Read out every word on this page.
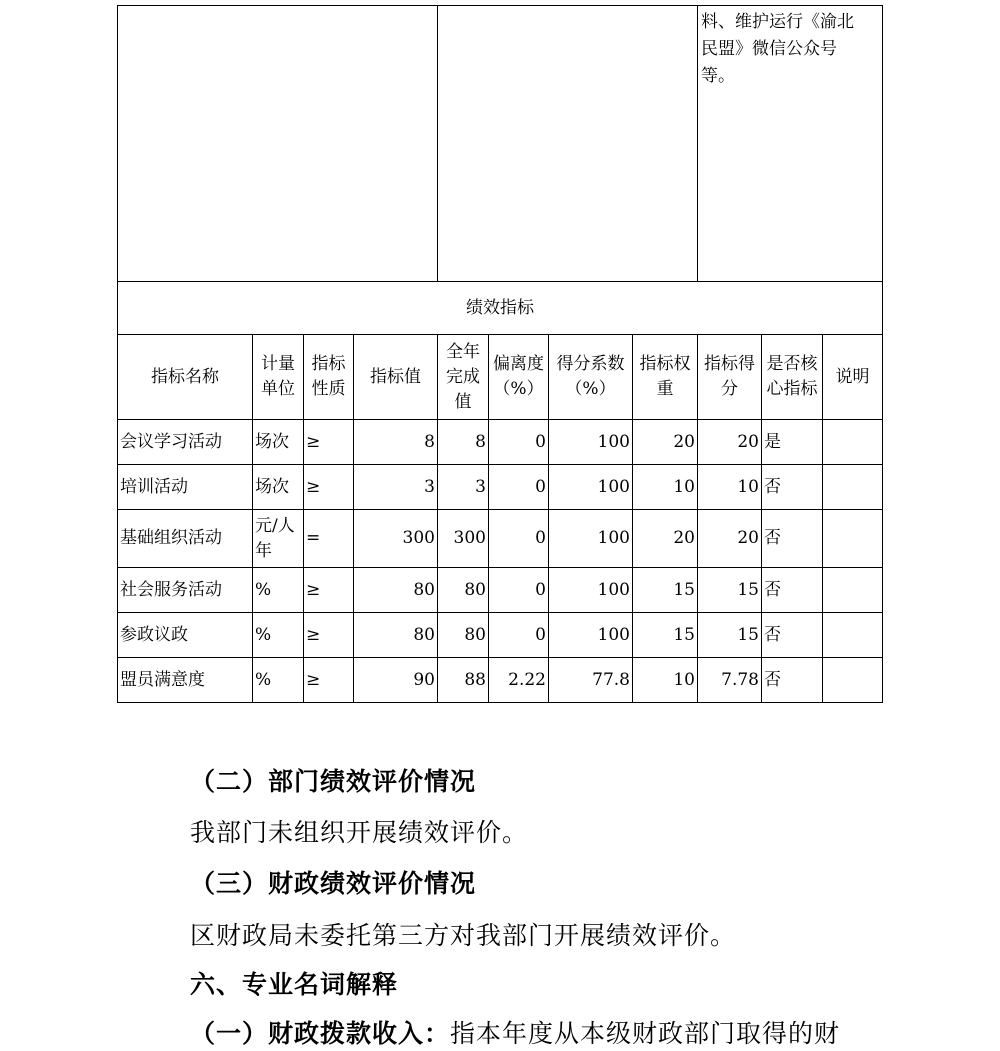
								料、维护运行《渝北民盟》微信公众号等。		
绩效指标										
指标名称	计量单位	指标性质	指标值	全年完成值	偏离度（%）	得分系数（%）	指标权重	指标得分	是否核心指标	说明
会议学习活动	场次	≥	8	8	0	100	20	20	是	
培训活动	场次	≥	3	3	0	100	10	10	否	
基础组织活动	元/人年	=	300	300	0	100	20	20	否	
社会服务活动	%	≥	80	80	0	100	15	15	否	
参政议政	%	≥	80	80	0	100	15	15	否	
盟员满意度	%	≥	90	88	2.22	77.8	10	7.78	否	
（二）部门绩效评价情况
我部门未组织开展绩效评价。
（三）财政绩效评价情况
区财政局未委托第三方对我部门开展绩效评价。
六、专业名词解释
（一）财政拨款收入：指本年度从本级财政部门取得的财
